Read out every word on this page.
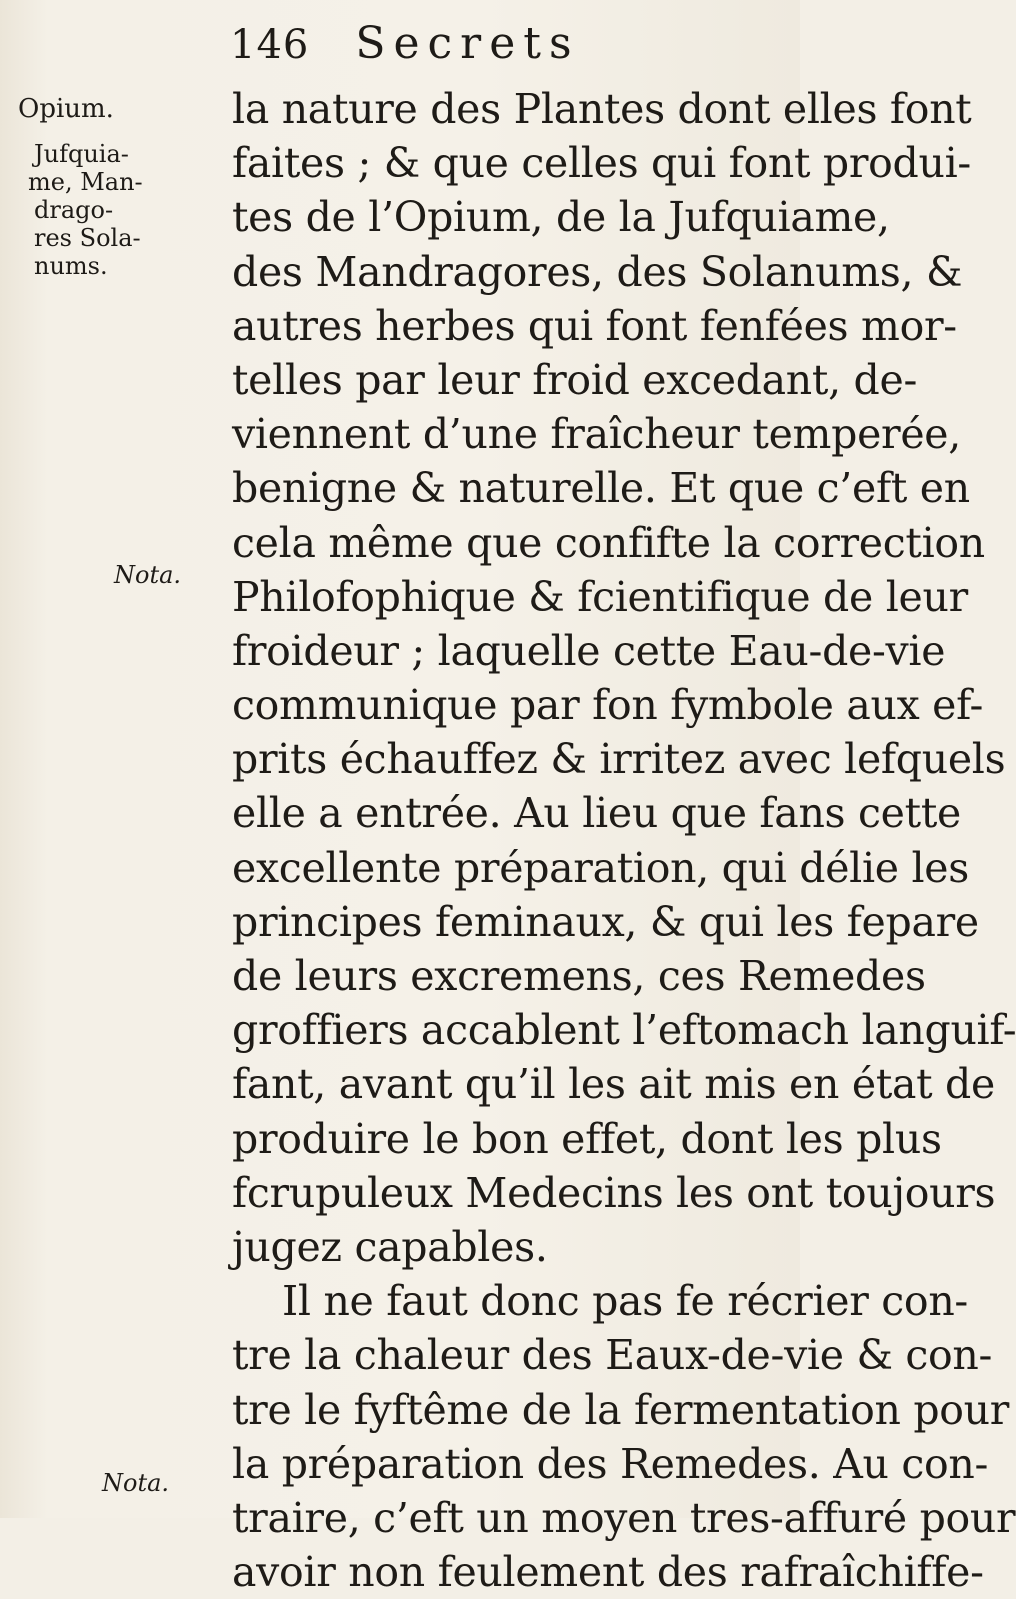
146 Secrets
Opium.
Jufquia-
me, Man-
drago-
res Sola-
nums.
Nota.
Nota.
la nature des Plantes dont elles font
faites ; & que celles qui font produi-
tes de l’Opium, de la Jufquiame,
des Mandragores, des Solanums, &
autres herbes qui font fenfées mor-
telles par leur froid excedant, de-
viennent d’une fraîcheur temperée,
benigne & naturelle. Et que c’eft en
cela même que confifte la correction
Philofophique & fcientifique de leur
froideur ; laquelle cette Eau-de-vie
communique par fon fymbole aux ef-
prits échauffez & irritez avec lefquels
elle a entrée. Au lieu que fans cette
excellente préparation, qui délie les
principes feminaux, & qui les fepare
de leurs excremens, ces Remedes
groffiers accablent l’eftomach languif-
fant, avant qu’il les ait mis en état de
produire le bon effet, dont les plus
fcrupuleux Medecins les ont toujours
jugez capables.
Il ne faut donc pas fe récrier con-
tre la chaleur des Eaux-de-vie & con-
tre le fyftême de la fermentation pour
la préparation des Remedes. Au con-
traire, c’eft un moyen tres-affuré pour
avoir non feulement des rafraîchiffe-
